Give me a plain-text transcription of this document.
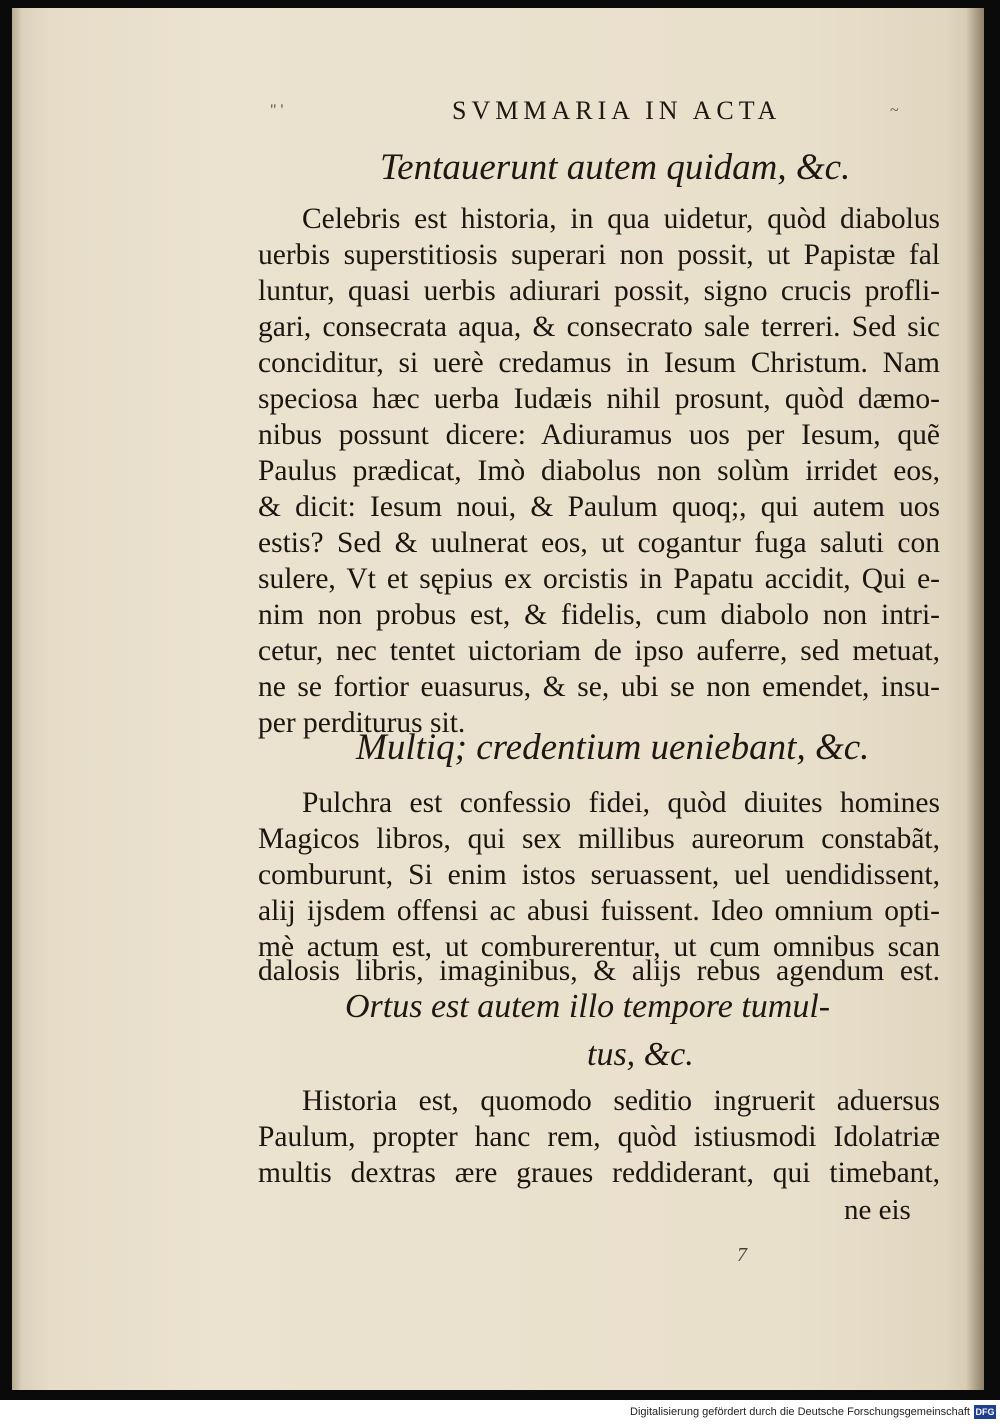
" '	SVMMARIA IN ACTA	~
Tentauerunt autem quidam, &c.
Celebris est historia, in qua uidetur, quòd diabolus
uerbis superstitiosis superari non possit, ut Papistæ fal
luntur, quasi uerbis adiurari possit, signo crucis profli-
gari, consecrata aqua, & consecrato sale terreri. Sed sic
conciditur, si uerè credamus in Iesum Christum. Nam
speciosa hæc uerba Iudæis nihil prosunt, quòd dæmo-
nibus possunt dicere: Adiuramus uos per Iesum, quẽ
Paulus prædicat, Imò diabolus non solùm irridet eos,
& dicit: Iesum noui, & Paulum quoq;, qui autem uos
estis? Sed & uulnerat eos, ut cogantur fuga saluti con
sulere, Vt et sępius ex orcistis in Papatu accidit, Qui e-
nim non probus est, & fidelis, cum diabolo non intri-
cetur, nec tentet uictoriam de ipso auferre, sed metuat,
ne se fortior euasurus, & se, ubi se non emendet, insu-
per perditurus sit.
Multiq; credentium ueniebant, &c.
Pulchra est confessio fidei, quòd diuites homines
Magicos libros, qui sex millibus aureorum constabãt,
comburunt, Si enim istos seruassent, uel uendidissent,
alij ijsdem offensi ac abusi fuissent. Ideo omnium opti-
mè actum est, ut comburerentur, ut cum omnibus scan
dalosis libris, imaginibus, & alijs rebus agendum est.
Ortus est autem illo tempore tumul-
tus, &c.
Historia est, quomodo seditio ingruerit aduersus
Paulum, propter hanc rem, quòd istiusmodi Idolatriæ
multis dextras ære graues reddiderant, qui timebant,
ne eis
7
Digitalisierung gefördert durch die Deutsche Forschungsgemeinschaft DFG
